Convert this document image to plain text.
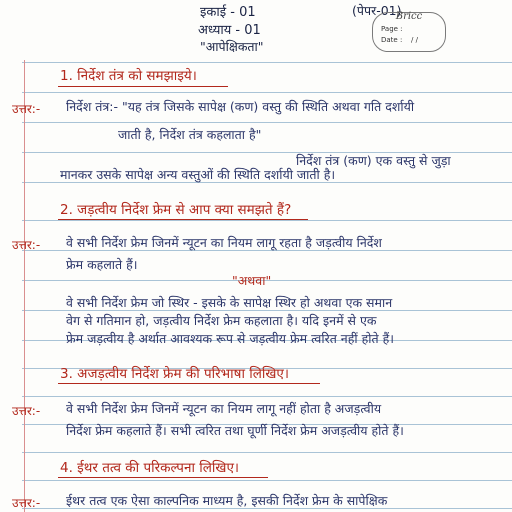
इकाई - 01
अध्याय - 01
"आपेक्षिकता"
(पेपर-01)
Bricc
Page :
Date : / /
1. निर्देश तंत्र को समझाइये।
उत्तर:- निर्देश तंत्र:- "यह तंत्र जिसके सापेक्ष (कण) वस्तु की स्थिति अथवा गति दर्शायी
जाती है, निर्देश तंत्र कहलाता है"
निर्देश तंत्र (कण) एक वस्तु से जुड़ा
मानकर उसके सापेक्ष अन्य वस्तुओं की स्थिति दर्शायी जाती है।
2. जड़त्वीय निर्देश फ्रेम से आप क्या समझते हैं?
उत्तर:- वे सभी निर्देश फ्रेम जिनमें न्यूटन का नियम लागू रहता है जड़त्वीय निर्देश
फ्रेम कहलाते हैं।
"अथवा"
वे सभी निर्देश फ्रेम जो स्थिर - इसके के सापेक्ष स्थिर हो अथवा एक समान
वेग से गतिमान हो, जड़त्वीय निर्देश फ्रेम कहलाता है। यदि इनमें से एक
फ्रेम जड़त्वीय है अर्थात आवश्यक रूप से जड़त्वीय फ्रेम त्वरित नहीं होते हैं।
3. अजड़त्वीय निर्देश फ्रेम की परिभाषा लिखिए।
उत्तर:- वे सभी निर्देश फ्रेम जिनमें न्यूटन का नियम लागू नहीं होता है अजड़त्वीय
निर्देश फ्रेम कहलाते हैं। सभी त्वरित तथा घूर्णी निर्देश फ्रेम अजड़त्वीय होते हैं।
4. ईथर तत्व की परिकल्पना लिखिए।
उत्तर:- ईथर तत्व एक ऐसा काल्पनिक माध्यम है, इसकी निर्देश फ्रेम के सापेक्षिक
